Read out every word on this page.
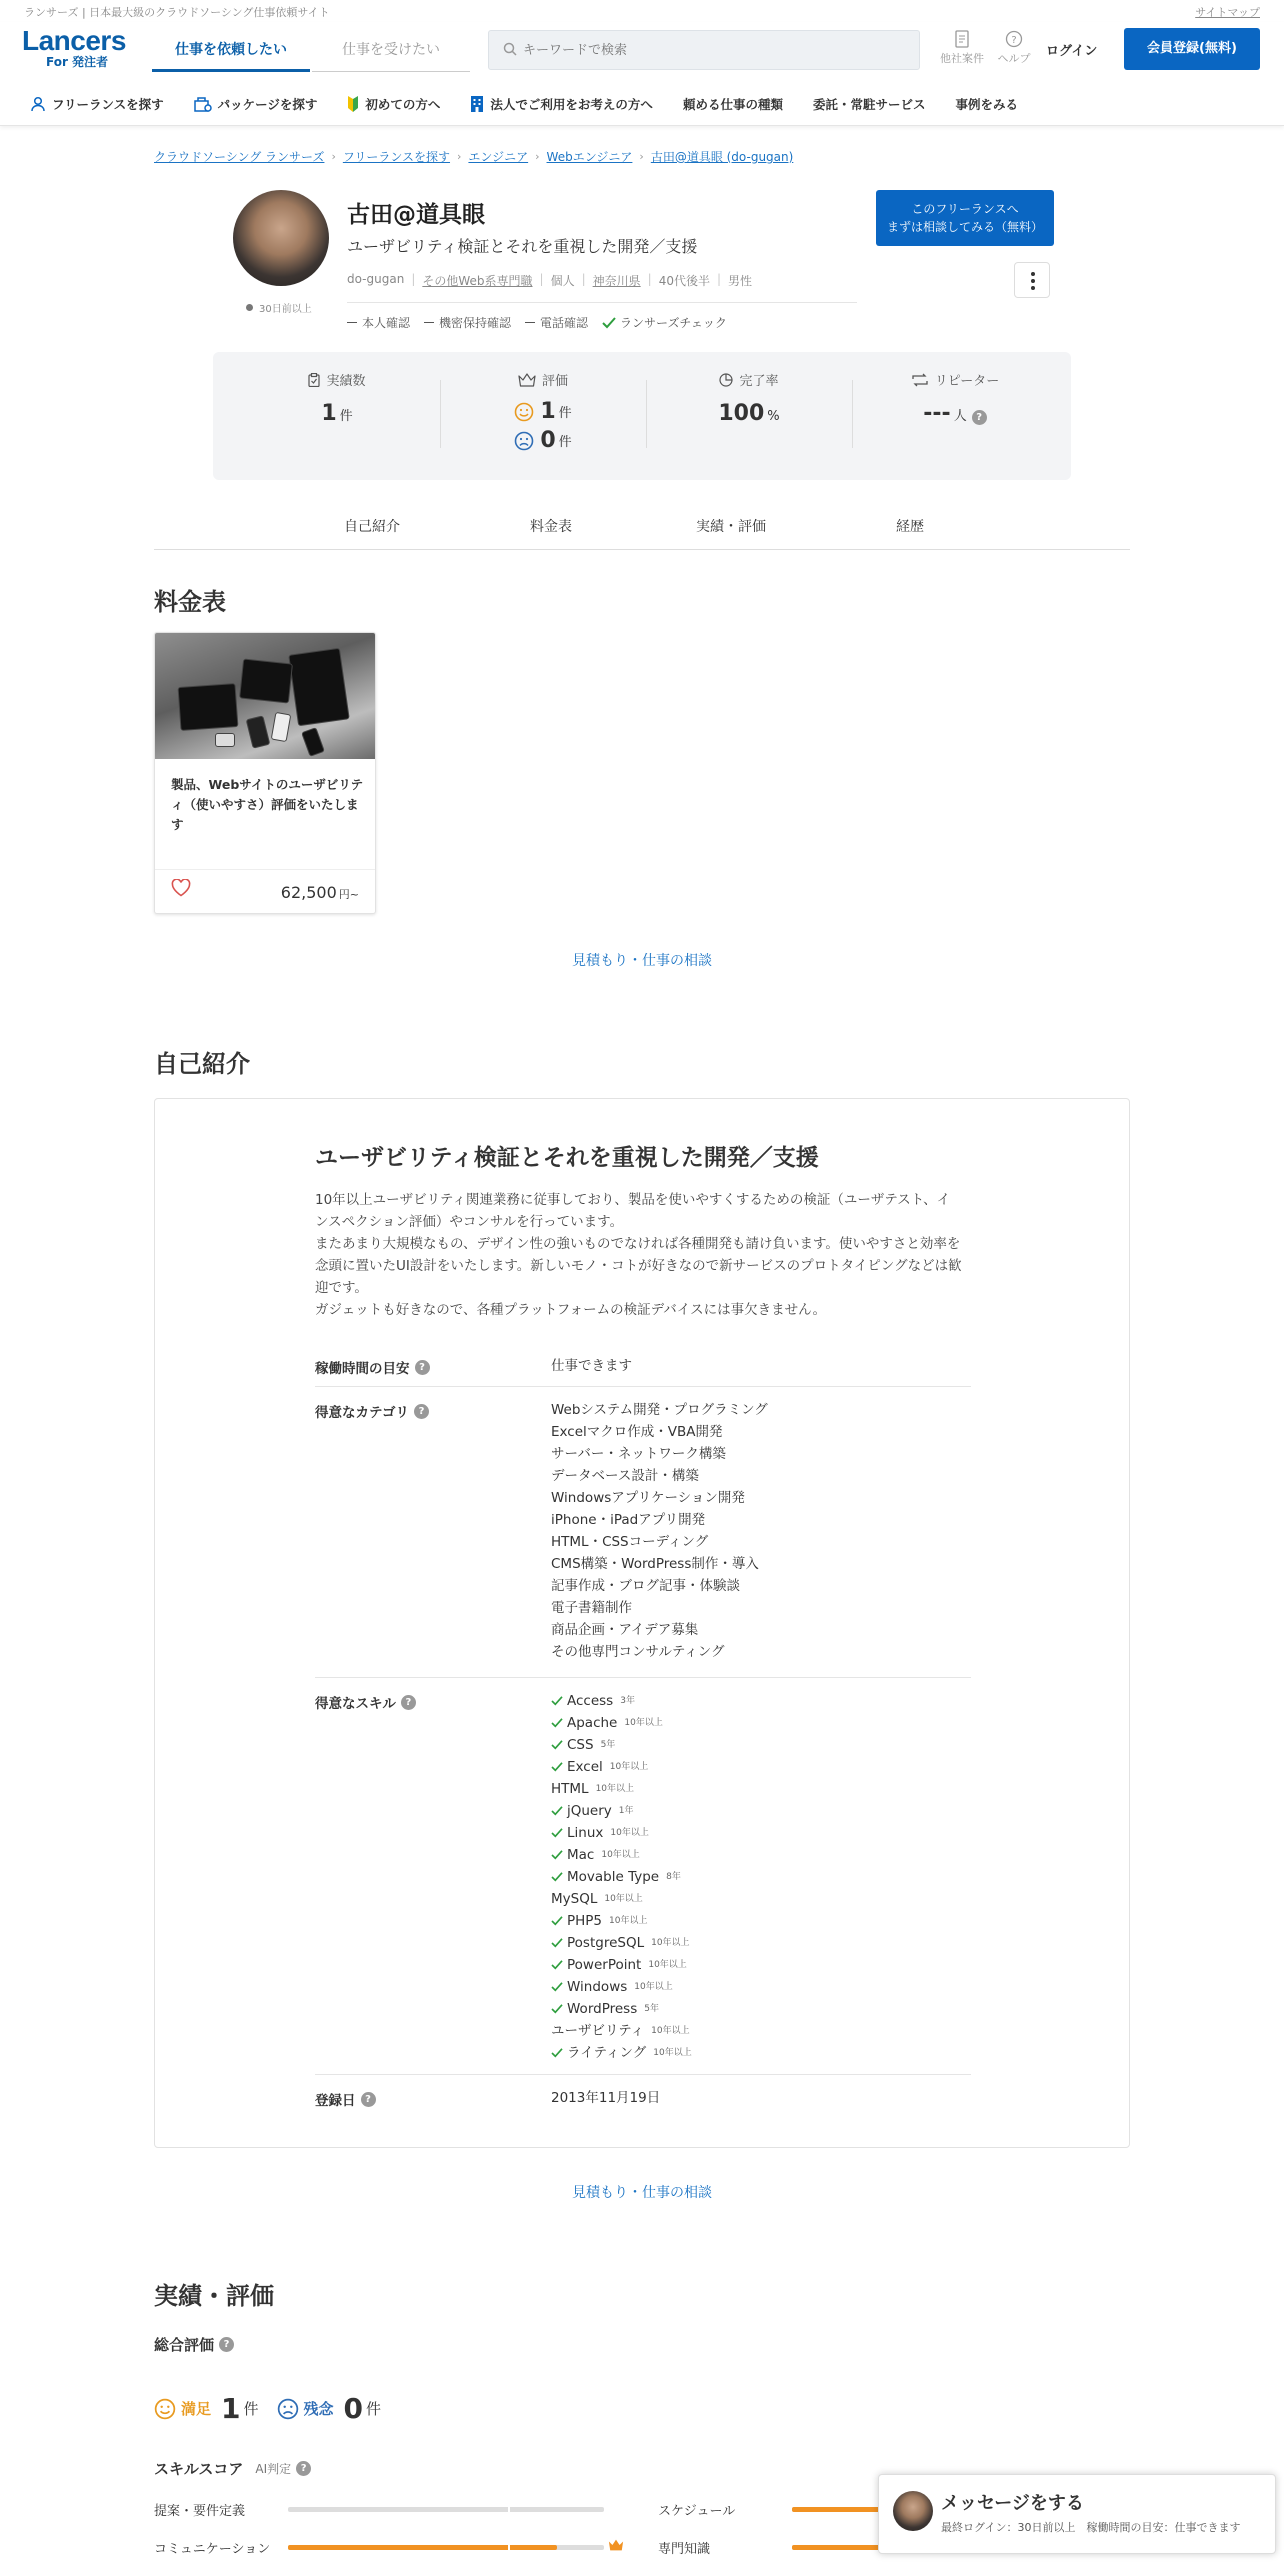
ランサーズ | 日本最大級のクラウドソーシング仕事依頼サイト	サイトマップ
Lancers
For 発注者
仕事を依頼したい	仕事を受けたい
キーワードで検索
他社案件
?
ヘルプ	ログイン	会員登録(無料)
フリーランスを探す	パッケージを探す	初めての方へ	法人でご利用をお考えの方へ 頼める仕事の種類 委託・常駐サービス 事例をみる
クラウドソーシング ランサーズ › フリーランスを探す › エンジニア › Webエンジニア › 古田@道具眼 (do-gugan)
30日前以上
古田@道具眼
ユーザビリティ検証とそれを重視した開発／支援
do-gugan | その他Web系専門職 | 個人 | 神奈川県 | 40代後半 | 男性
本人確認 機密保持確認 電話確認	ランサーズチェック
このフリーランスへ
まずは相談してみる（無料）
実績数
1 件
評価
1 件
0 件
完了率
100 %
リピーター
--- 人 ?
自己紹介	料金表	実績・評価	経歴
料金表
製品、Webサイトのユーザビリティ（使いやすさ）評価をいたします
62,500 円~
見積もり・仕事の相談
自己紹介
ユーザビリティ検証とそれを重視した開発／支援
10年以上ユーザビリティ関連業務に従事しており、製品を使いやすくするための検証（ユーザテスト、インスペクション評価）やコンサルを行っています。
またあまり大規模なもの、デザイン性の強いものでなければ各種開発も請け負います。使いやすさと効率を念頭に置いたUI設計をいたします。新しいモノ・コトが好きなので新サービスのプロトタイピングなどは歓迎です。
ガジェットも好きなので、各種プラットフォームの検証デバイスには事欠きません。
稼働時間の目安 ?	仕事できます
得意なカテゴリ ?	Webシステム開発・プログラミング
Excelマクロ作成・VBA開発
サーバー・ネットワーク構築
データベース設計・構築
Windowsアプリケーション開発
iPhone・iPadアプリ開発
HTML・CSSコーディング
CMS構築・WordPress制作・導入
記事作成・ブログ記事・体験談
電子書籍制作
商品企画・アイデア募集
その他専門コンサルティング
得意なスキル ?	Access 3年
Apache 10年以上
CSS 5年
Excel 10年以上
HTML 10年以上
jQuery 1年
Linux 10年以上
Mac 10年以上
Movable Type 8年
MySQL 10年以上
PHP5 10年以上
PostgreSQL 10年以上
PowerPoint 10年以上
Windows 10年以上
WordPress 5年
ユーザビリティ 10年以上
ライティング 10年以上
登録日 ?	2013年11月19日
見積もり・仕事の相談
実績・評価
総合評価 ?
満足 1 件	残念 0 件
スキルスコア AI判定 ?
提案・要件定義
コミュニケーション
スケジュール
専門知識
メッセージをする
最終ログイン：30日前以上　稼働時間の目安：仕事できます
